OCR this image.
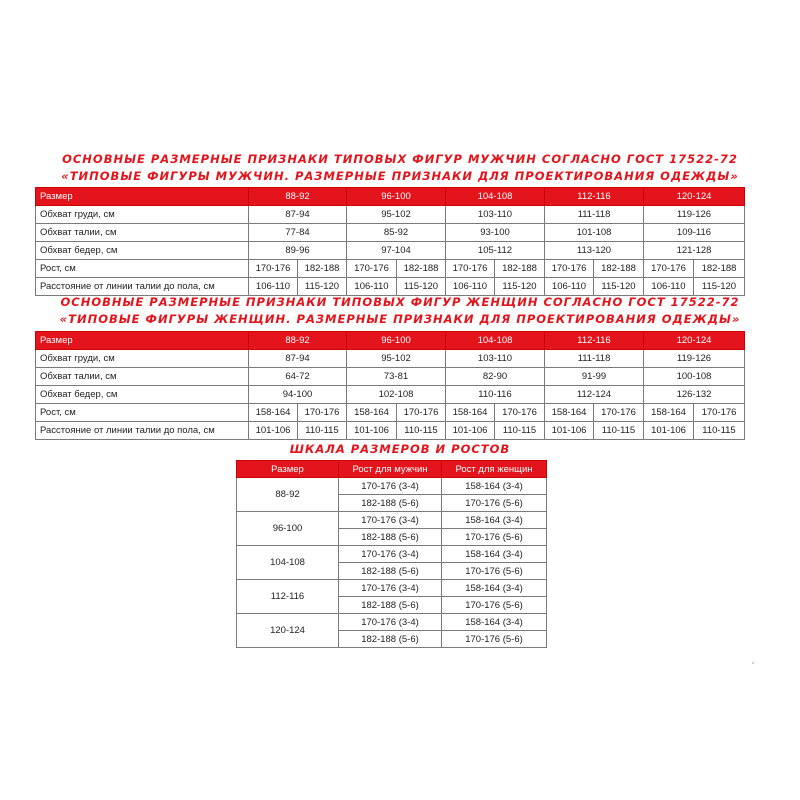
ОСНОВНЫЕ РАЗМЕРНЫЕ ПРИЗНАКИ ТИПОВЫХ ФИГУР МУЖЧИН СОГЛАСНО ГОСТ 17522-72
«ТИПОВЫЕ ФИГУРЫ МУЖЧИН. РАЗМЕРНЫЕ ПРИЗНАКИ ДЛЯ ПРОЕКТИРОВАНИЯ ОДЕЖДЫ»
Размер	88-92		96-100		104-108		112-116		120-124	
Обхват груди, см	87-94		95-102		103-110		111-118		119-126	
Обхват талии, см	77-84		85-92		93-100		101-108		109-116	
Обхват бедер, см	89-96		97-104		105-112		113-120		121-128	
Рост, см	170-176	182-188	170-176	182-188	170-176	182-188	170-176	182-188	170-176	182-188
Расстояние от линии талии до пола, см	106-110	115-120	106-110	115-120	106-110	115-120	106-110	115-120	106-110	115-120
ОСНОВНЫЕ РАЗМЕРНЫЕ ПРИЗНАКИ ТИПОВЫХ ФИГУР ЖЕНЩИН СОГЛАСНО ГОСТ 17522-72
«ТИПОВЫЕ ФИГУРЫ ЖЕНЩИН. РАЗМЕРНЫЕ ПРИЗНАКИ ДЛЯ ПРОЕКТИРОВАНИЯ ОДЕЖДЫ»
Размер	88-92		96-100		104-108		112-116		120-124	
Обхват груди, см	87-94		95-102		103-110		111-118		119-126	
Обхват талии, см	64-72		73-81		82-90		91-99		100-108	
Обхват бедер, см	94-100		102-108		110-116		112-124		126-132	
Рост, см	158-164	170-176	158-164	170-176	158-164	170-176	158-164	170-176	158-164	170-176
Расстояние от линии талии до пола, см	101-106	110-115	101-106	110-115	101-106	110-115	101-106	110-115	101-106	110-115
ШКАЛА РАЗМЕРОВ И РОСТОВ
Размер	Рост для мужчин	Рост для женщин
88-92	170-176 (3-4)	158-164 (3-4)
	182-188 (5-6)	170-176 (5-6)
96-100	170-176 (3-4)	158-164 (3-4)
	182-188 (5-6)	170-176 (5-6)
104-108	170-176 (3-4)	158-164 (3-4)
	182-188 (5-6)	170-176 (5-6)
112-116	170-176 (3-4)	158-164 (3-4)
	182-188 (5-6)	170-176 (5-6)
120-124	170-176 (3-4)	158-164 (3-4)
	182-188 (5-6)	170-176 (5-6)
